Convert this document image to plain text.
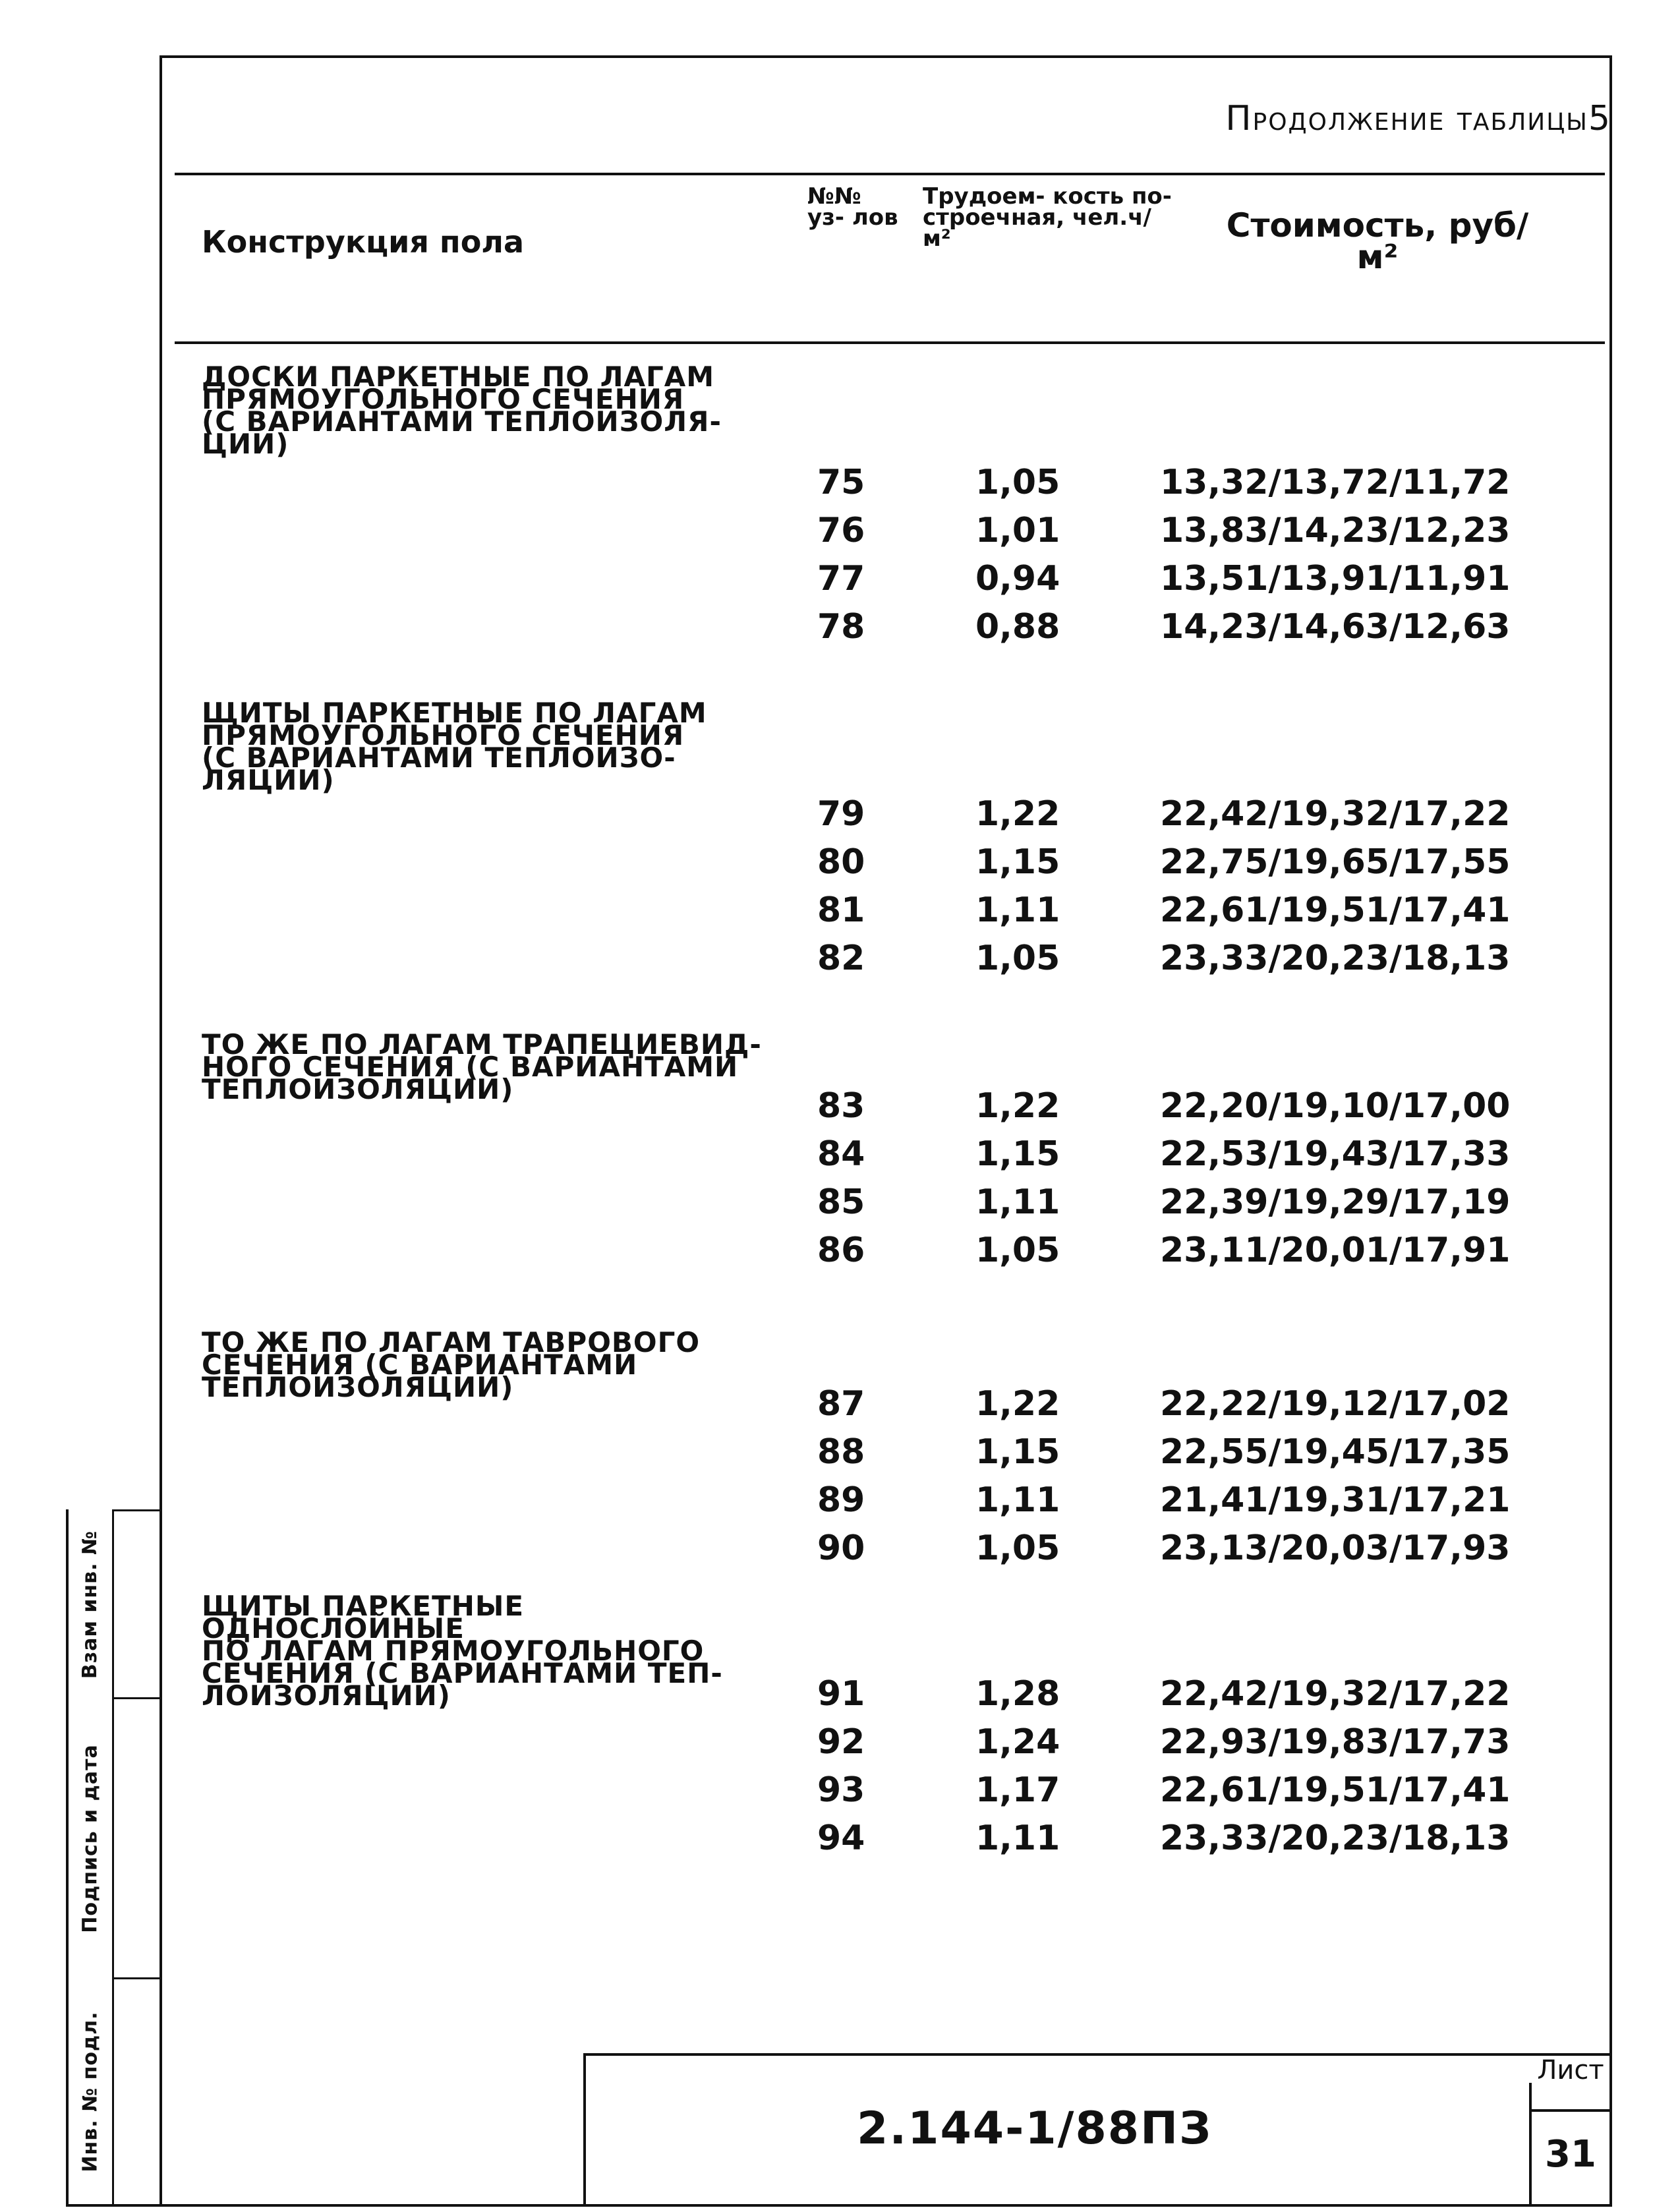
Взам инв. №
Подпись и дата
Инв. № подл.
Продолжение таблицы5
Конструкция пола
№№ уз- лов
Трудоем- кость по- строечная, чел.ч/м²	Стоимость, руб/м²
ДОСКИ ПАРКЕТНЫЕ ПО ЛАГАМ
ПРЯМОУГОЛЬНОГО СЕЧЕНИЯ
(С ВАРИАНТАМИ ТЕПЛОИЗОЛЯ-
ЦИИ)
75	1,05	13,32/13,72/11,72
76	1,01	13,83/14,23/12,23
77	0,94	13,51/13,91/11,91
78	0,88	14,23/14,63/12,63
ЩИТЫ ПАРКЕТНЫЕ ПО ЛАГАМ
ПРЯМОУГОЛЬНОГО СЕЧЕНИЯ
(С ВАРИАНТАМИ ТЕПЛОИЗО-
ЛЯЦИИ)
79	1,22	22,42/19,32/17,22
80	1,15	22,75/19,65/17,55
81	1,11	22,61/19,51/17,41
82	1,05	23,33/20,23/18,13
ТО ЖЕ ПО ЛАГАМ ТРАПЕЦИЕВИД-
НОГО СЕЧЕНИЯ (С ВАРИАНТАМИ
ТЕПЛОИЗОЛЯЦИИ)	83	1,22	22,20/19,10/17,00
84	1,15	22,53/19,43/17,33
85	1,11	22,39/19,29/17,19
86	1,05	23,11/20,01/17,91
ТО ЖЕ ПО ЛАГАМ ТАВРОВОГО
СЕЧЕНИЯ (С ВАРИАНТАМИ
ТЕПЛОИЗОЛЯЦИИ)	87	1,22	22,22/19,12/17,02
88	1,15	22,55/19,45/17,35
89	1,11	21,41/19,31/17,21
90	1,05	23,13/20,03/17,93
ЩИТЫ ПАРКЕТНЫЕ ОДНОСЛОЙНЫЕ
ПО ЛАГАМ ПРЯМОУГОЛЬНОГО
СЕЧЕНИЯ (С ВАРИАНТАМИ ТЕП-
ЛОИЗОЛЯЦИИ)	91	1,28	22,42/19,32/17,22
92	1,24	22,93/19,83/17,73
93	1,17	22,61/19,51/17,41
94	1,11	23,33/20,23/18,13
2.144-1/88ПЗ
Лист
31
